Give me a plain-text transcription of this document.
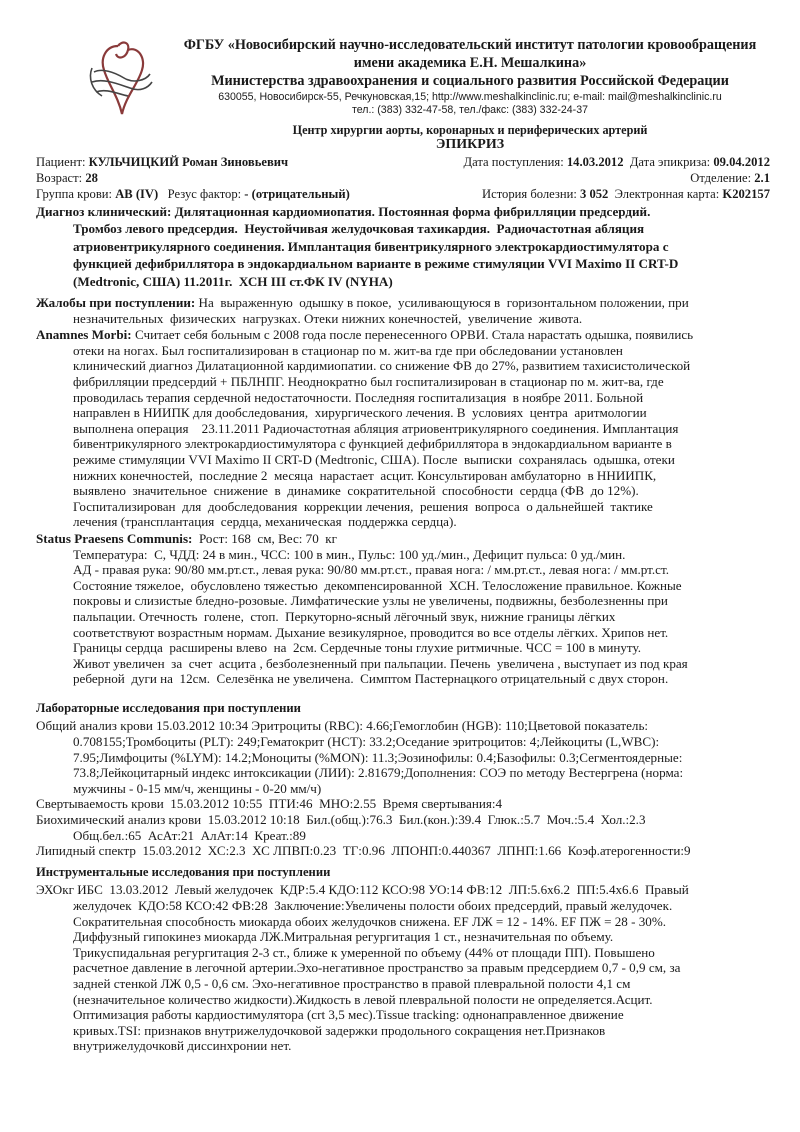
ФГБУ «Новосибирский научно-исследовательский институт патологии кровообращения
имени академика Е.Н. Мешалкина»
Министерства здравоохранения и социального развития Российской Федерации
630055, Новосибирск-55, Речкуновская,15; http://www.meshalkinclinic.ru; e-mail: mail@meshalkinclinic.ru
тел.: (383) 332-47-58, тел./факс: (383) 332-24-37
Центр хирургии аорты, коронарных и периферических артерий
ЭПИКРИЗ
Пациент: КУЛЬЧИЦКИЙ Роман Зиновьевич	Дата поступления: 14.03.2012  Дата эпикриза: 09.04.2012
Возраст: 28	Отделение: 2.1
Группа крови: AB (IV)   Резус фактор: - (отрицательный)	История болезни: 3 052  Электронная карта: K202157
Диагноз клинический: Дилятационная кардиомиопатия. Постоянная форма фибрилляции предсердий.
Тромбоз левого предсердия.  Неустойчивая желудочковая тахикардия.  Радиочастотная абляция
атриовентрикулярного соединения. Имплантация бивентрикулярного электрокардиостимулятора с
функцией дефибриллятора в эндокардиальном варианте в режиме стимуляции VVI Maximo II CRT-D
(Medtronic, США) 11.2011г.  ХСН III ст.ФК IV (NYHA)
Жалобы при поступлении: На  выраженную  одышку в покое,  усиливающуюся в  горизонтальном положении, при
незначительных  физических  нагрузках. Отеки нижних конечностей,  увеличение  живота.
Anamnes Morbi: Считает себя больным с 2008 года после перенесенного ОРВИ. Стала нарастать одышка, появились
отеки на ногах. Был госпитализирован в стационар по м. жит-ва где при обследовании установлен
клинический диагноз Дилатационной кардимиопатии. со снижение ФВ до 27%, развитием тахисистолической
фибрилляции предсердий + ПБЛНПГ. Неоднократно был госпитализирован в стационар по м. жит-ва, где
проводилась терапия сердечной недостаточности. Последняя госпитализация  в ноябре 2011. Больной
направлен в НИИПК для дообследования,  хирургического лечения. В  условиях  центра  аритмологии
выполнена операция    23.11.2011 Радиочастотная абляция атриовентрикулярного соединения. Имплантация
бивентрикулярного электрокардиостимулятора с функцией дефибриллятора в эндокардиальном варианте в
режиме стимуляции VVI Maximo II CRT-D (Medtronic, США). После  выписки  сохранялась  одышка, отеки
нижних конечностей,  последние 2  месяца  нарастает  асцит. Консультирован амбулаторно  в ННИИПК,
выявлено  значительное  снижение  в  динамике  сократительной  способности  сердца (ФВ  до 12%).
Госпитализирован  для  дообследования  коррекции лечения,  решения  вопроса  о дальнейшей  тактике
лечения (трансплантация  сердца, механическая  поддержка сердца).
Status Praesens Communis:  Рост: 168  см, Вес: 70  кг
Температура:  С, ЧДД: 24 в мин., ЧСС: 100 в мин., Пульс: 100 уд./мин., Дефицит пульса: 0 уд./мин.
АД - правая рука: 90/80 мм.рт.ст., левая рука: 90/80 мм.рт.ст., правая нога: / мм.рт.ст., левая нога: / мм.рт.ст.
Состояние тяжелое,  обусловлено тяжестью  декомпенсированной  ХСН. Телосложение правильное. Кожные
покровы и слизистые бледно-розовые. Лимфатические узлы не увеличены, подвижны, безболезненны при
пальпации. Отечность  голене,  стоп.  Перкуторно-ясный лёгочный звук, нижние границы лёгких
соответствуют возрастным нормам. Дыхание везикулярное, проводится во все отделы лёгких. Хрипов нет.
Границы сердца  расширены влево  на  2см. Сердечные тоны глухие ритмичные. ЧСС = 100 в минуту.
Живот увеличен  за  счет  асцита , безболезненный при пальпации. Печень  увеличена , выступает из под края
реберной  дуги на  12см.  Селезёнка не увеличена.  Симптом Пастернацкого отрицательный с двух сторон.
Лабораторные исследования при поступлении
Общий анализ крови 15.03.2012 10:34 Эритроциты (RBC): 4.66;Гемоглобин (HGB): 110;Цветовой показатель:
0.708155;Тромбоциты (PLT): 249;Гематокрит (HCT): 33.2;Оседание эритроцитов: 4;Лейкоциты (L,WBC):
7.95;Лимфоциты (%LYM): 14.2;Моноциты (%MON): 11.3;Эозинофилы: 0.4;Базофилы: 0.3;Сегментоядерные:
73.8;Лейкоцитарный индекс интоксикации (ЛИИ): 2.81679;Дополнения: СОЭ по методу Вестергрена (норма:
мужчины - 0-15 мм/ч, женщины - 0-20 мм/ч)
Свертываемость крови  15.03.2012 10:55  ПТИ:46  МНО:2.55  Время свертывания:4
Биохимический анализ крови  15.03.2012 10:18  Бил.(общ.):76.3  Бил.(кон.):39.4  Глюк.:5.7  Моч.:5.4  Хол.:2.3
Общ.бел.:65  АсАт:21  АлАт:14  Креат.:89
Липидный спектр  15.03.2012  ХС:2.3  ХС ЛПВП:0.23  ТГ:0.96  ЛПОНП:0.440367  ЛПНП:1.66  Коэф.атерогенности:9
Инструментальные исследования при поступлении
ЭХОкг ИБС  13.03.2012  Левый желудочек  КДР:5.4 КДО:112 КСО:98 УО:14 ФВ:12  ЛП:5.6x6.2  ПП:5.4x6.6  Правый
желудочек  КДО:58 КСО:42 ФВ:28  Заключение:Увеличены полости обоих предсердий, правый желудочек.
Сократительная способность миокарда обоих желудочков снижена. EF ЛЖ = 12 - 14%. EF ПЖ = 28 - 30%.
Диффузный гипокинез миокарда ЛЖ.Митральная регургитация 1 ст., незначительная по объему.
Трикуспидальная регургитация 2-3 ст., ближе к умеренной по объему (44% от площади ПП). Повышено
расчетное давление в легочной артерии.Эхо-негативное пространство за правым предсердием 0,7 - 0,9 см, за
задней стенкой ЛЖ 0,5 - 0,6 см. Эхо-негативное пространство в правой плевральной полости 4,1 см
(незначительное количество жидкости).Жидкость в левой плевральной полости не определяется.Асцит.
Оптимизация работы кардиостимулятора (crt 3,5 мес).Tissue tracking: однонаправленное движение
кривых.TSI: признаков внутрижелудочковой задержки продольного сокращения нет.Признаков
внутрижелудочковй диссинхронии нет.
